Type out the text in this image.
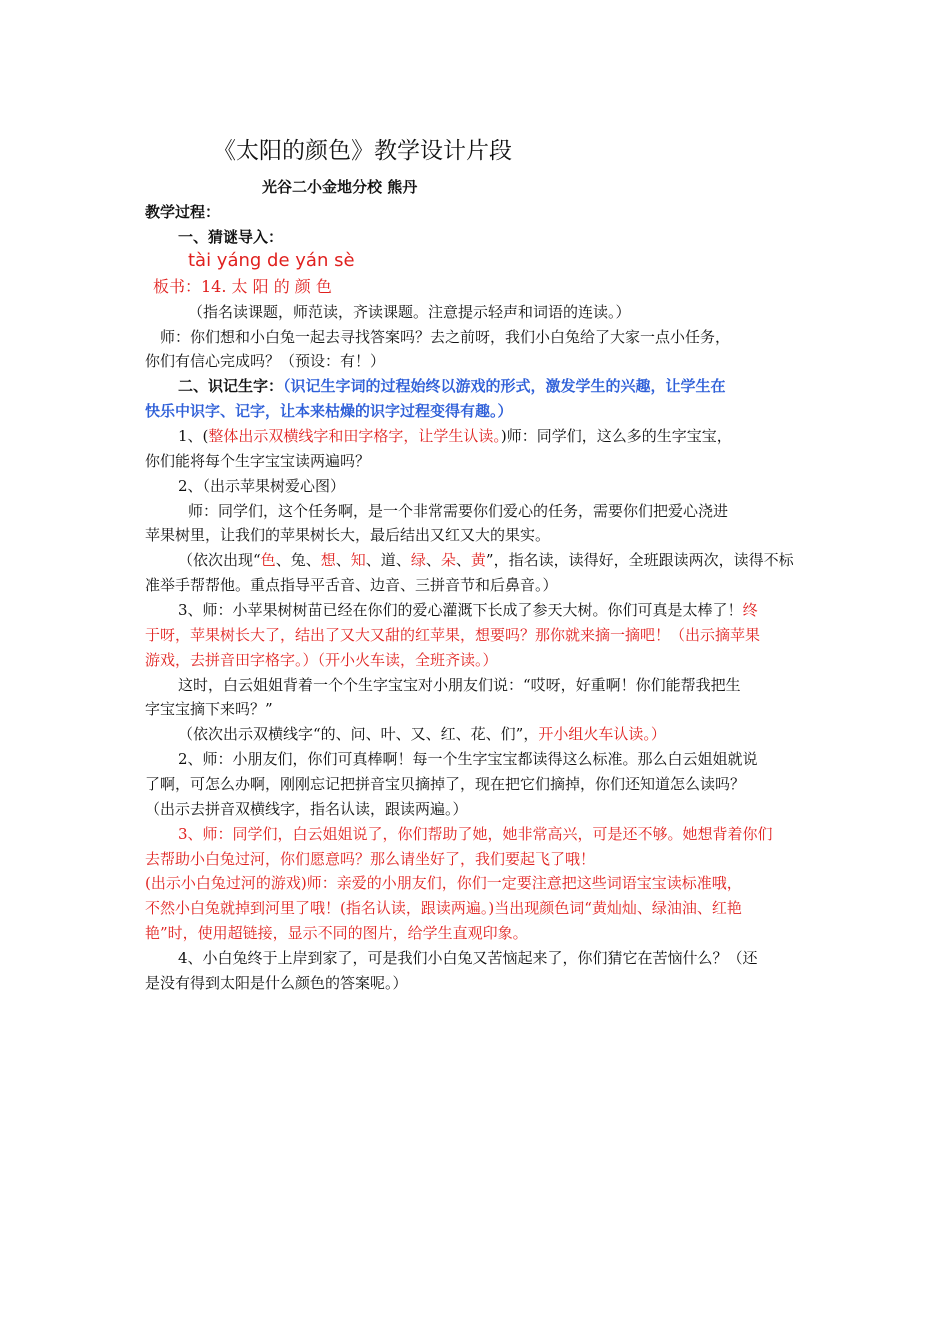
《太阳的颜色》教学设计片段
光谷二小金地分校 熊丹
教学过程：
一、猜谜导入：
tài yáng de yán sè
板书：14. 太 阳 的 颜 色
（指名读课题，师范读，齐读课题。注意提示轻声和词语的连读。）
师：你们想和小白兔一起去寻找答案吗？去之前呀，我们小白兔给了大家一点小任务，
你们有信心完成吗？（预设：有！）
二、识记生字：（识记生字词的过程始终以游戏的形式，激发学生的兴趣，让学生在
快乐中识字、记字，让本来枯燥的识字过程变得有趣。）
1、(整体出示双横线字和田字格字，让学生认读。)师：同学们，这么多的生字宝宝，
你们能将每个生字宝宝读两遍吗？
2、（出示苹果树爱心图）
师：同学们，这个任务啊，是一个非常需要你们爱心的任务，需要你们把爱心浇进
苹果树里，让我们的苹果树长大，最后结出又红又大的果实。
（依次出现“色、兔、想、知、道、绿、朵、黄”，指名读，读得好，全班跟读两次，读得不标
准举手帮帮他。重点指导平舌音、边音、三拼音节和后鼻音。）
3、师：小苹果树树苗已经在你们的爱心灌溉下长成了参天大树。你们可真是太棒了！终
于呀，苹果树长大了，结出了又大又甜的红苹果，想要吗？那你就来摘一摘吧！（出示摘苹果
游戏，去拼音田字格字。）（开小火车读，全班齐读。）
这时，白云姐姐背着一个个生字宝宝对小朋友们说：“哎呀，好重啊！你们能帮我把生
字宝宝摘下来吗？”
（依次出示双横线字“的、问、叶、又、红、花、们”，开小组火车认读。）
2、师：小朋友们，你们可真棒啊！每一个生字宝宝都读得这么标准。那么白云姐姐就说
了啊，可怎么办啊，刚刚忘记把拼音宝贝摘掉了，现在把它们摘掉，你们还知道怎么读吗？
（出示去拼音双横线字，指名认读，跟读两遍。）
3、师：同学们，白云姐姐说了，你们帮助了她，她非常高兴，可是还不够。她想背着你们
去帮助小白兔过河，你们愿意吗？那么请坐好了，我们要起飞了哦！
(出示小白兔过河的游戏)师：亲爱的小朋友们，你们一定要注意把这些词语宝宝读标准哦，
不然小白兔就掉到河里了哦！(指名认读，跟读两遍。)当出现颜色词“黄灿灿、绿油油、红艳
艳”时，使用超链接，显示不同的图片，给学生直观印象。
4、小白兔终于上岸到家了，可是我们小白兔又苦恼起来了，你们猜它在苦恼什么？（还
是没有得到太阳是什么颜色的答案呢。）
